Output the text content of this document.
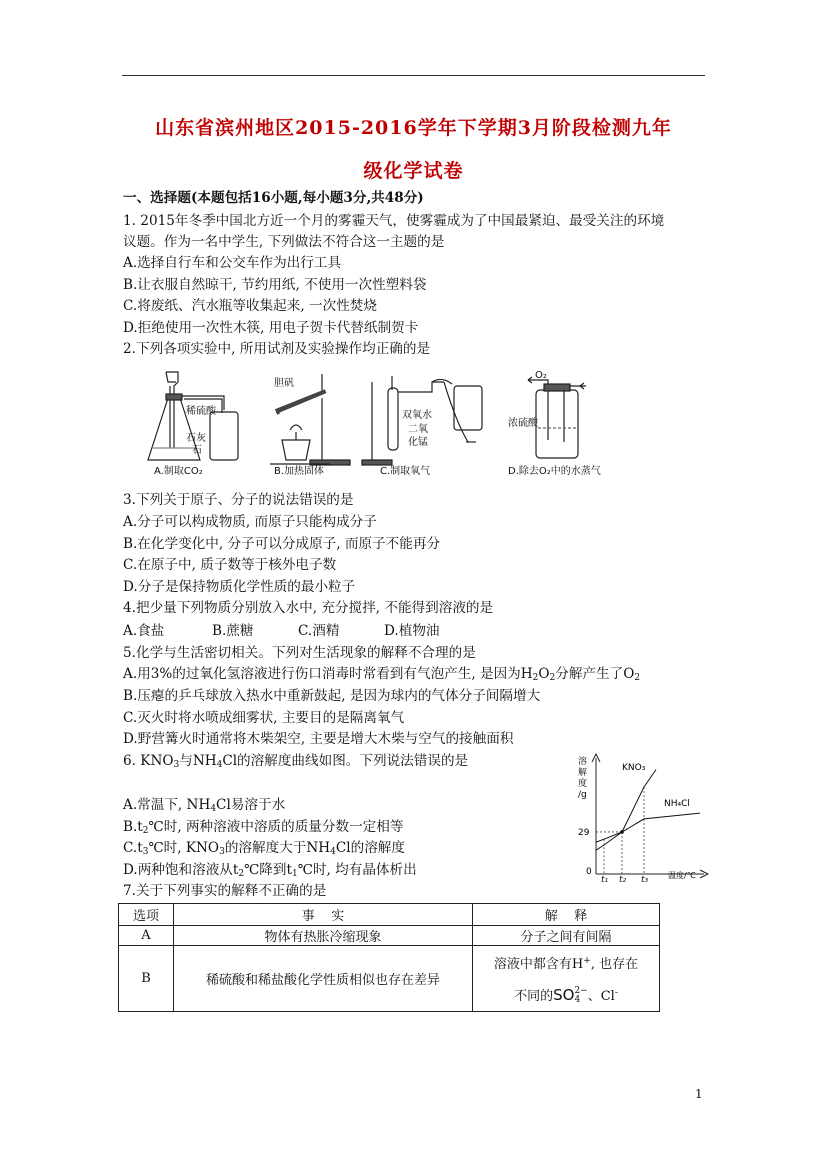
山东省滨州地区2015-2016学年下学期3月阶段检测九年
级化学试卷
一、选择题(本题包括16小题,每小题3分,共48分)
1. 2015年冬季中国北方近一个月的雾霾天气，使雾霾成为了中国最紧迫、最受关注的环境
议题。作为一名中学生, 下列做法不符合这一主题的是
A.选择自行车和公交车作为出行工具
B.让衣服自然晾干, 节约用纸, 不使用一次性塑料袋
C.将废纸、汽水瓶等收集起来, 一次性焚烧
D.拒绝使用一次性木筷, 用电子贺卡代替纸制贺卡
2.下列各项实验中, 所用试剂及实验操作均正确的是
稀硫酸
石灰
石
A.制取CO₂
胆矾
B.加热固体
双氧水
二氧
化锰
C.制取氧气
O₂
浓硫酸
D.除去O₂中的水蒸气
3.下列关于原子、分子的说法错误的是
A.分子可以构成物质, 而原子只能构成分子
B.在化学变化中, 分子可以分成原子, 而原子不能再分
C.在原子中, 质子数等于核外电子数
D.分子是保持物质化学性质的最小粒子
4.把少量下列物质分别放入水中, 充分搅拌, 不能得到溶液的是
A.食盐	B.蔗糖	C.酒精	D.植物油
5.化学与生活密切相关。下列对生活现象的解释不合理的是
A.用3%的过氧化氢溶液进行伤口消毒时常看到有气泡产生, 是因为$H_2O_2$分解产生了$O_2$
B.压瘪的乒乓球放入热水中重新鼓起, 是因为球内的气体分子间隔增大
C.灭火时将水喷成细雾状, 主要目的是隔离氧气
D.野营篝火时通常将木柴架空, 主要是增大木柴与空气的接触面积
6. $KNO_3$与$NH_4Cl$的溶解度曲线如图。下列说法错误的是
A.常温下, $NH_4Cl$易溶于水
$B.t_2℃$时, 两种溶液中溶质的质量分数一定相等
$C.t_3℃$时, $KNO_3$的溶解度大于$NH_4Cl$的溶解度
D.两种饱和溶液从$t_2℃$降到$t_1℃$时, 均有晶体析出
t₁ t₂ t₃
溶
解
度
/g
29
0	温度/℃
KNO₃
NH₄Cl
7.关于下列事实的解释不正确的是
选项	事    实	解    释
A	物体有热胀冷缩现象	分子之间有间隔
B	稀硫酸和稀盐酸化学性质相似也存在差异	溶液中都含有H+, 也存在
不同的SO 2−
4 、Cl-
1
